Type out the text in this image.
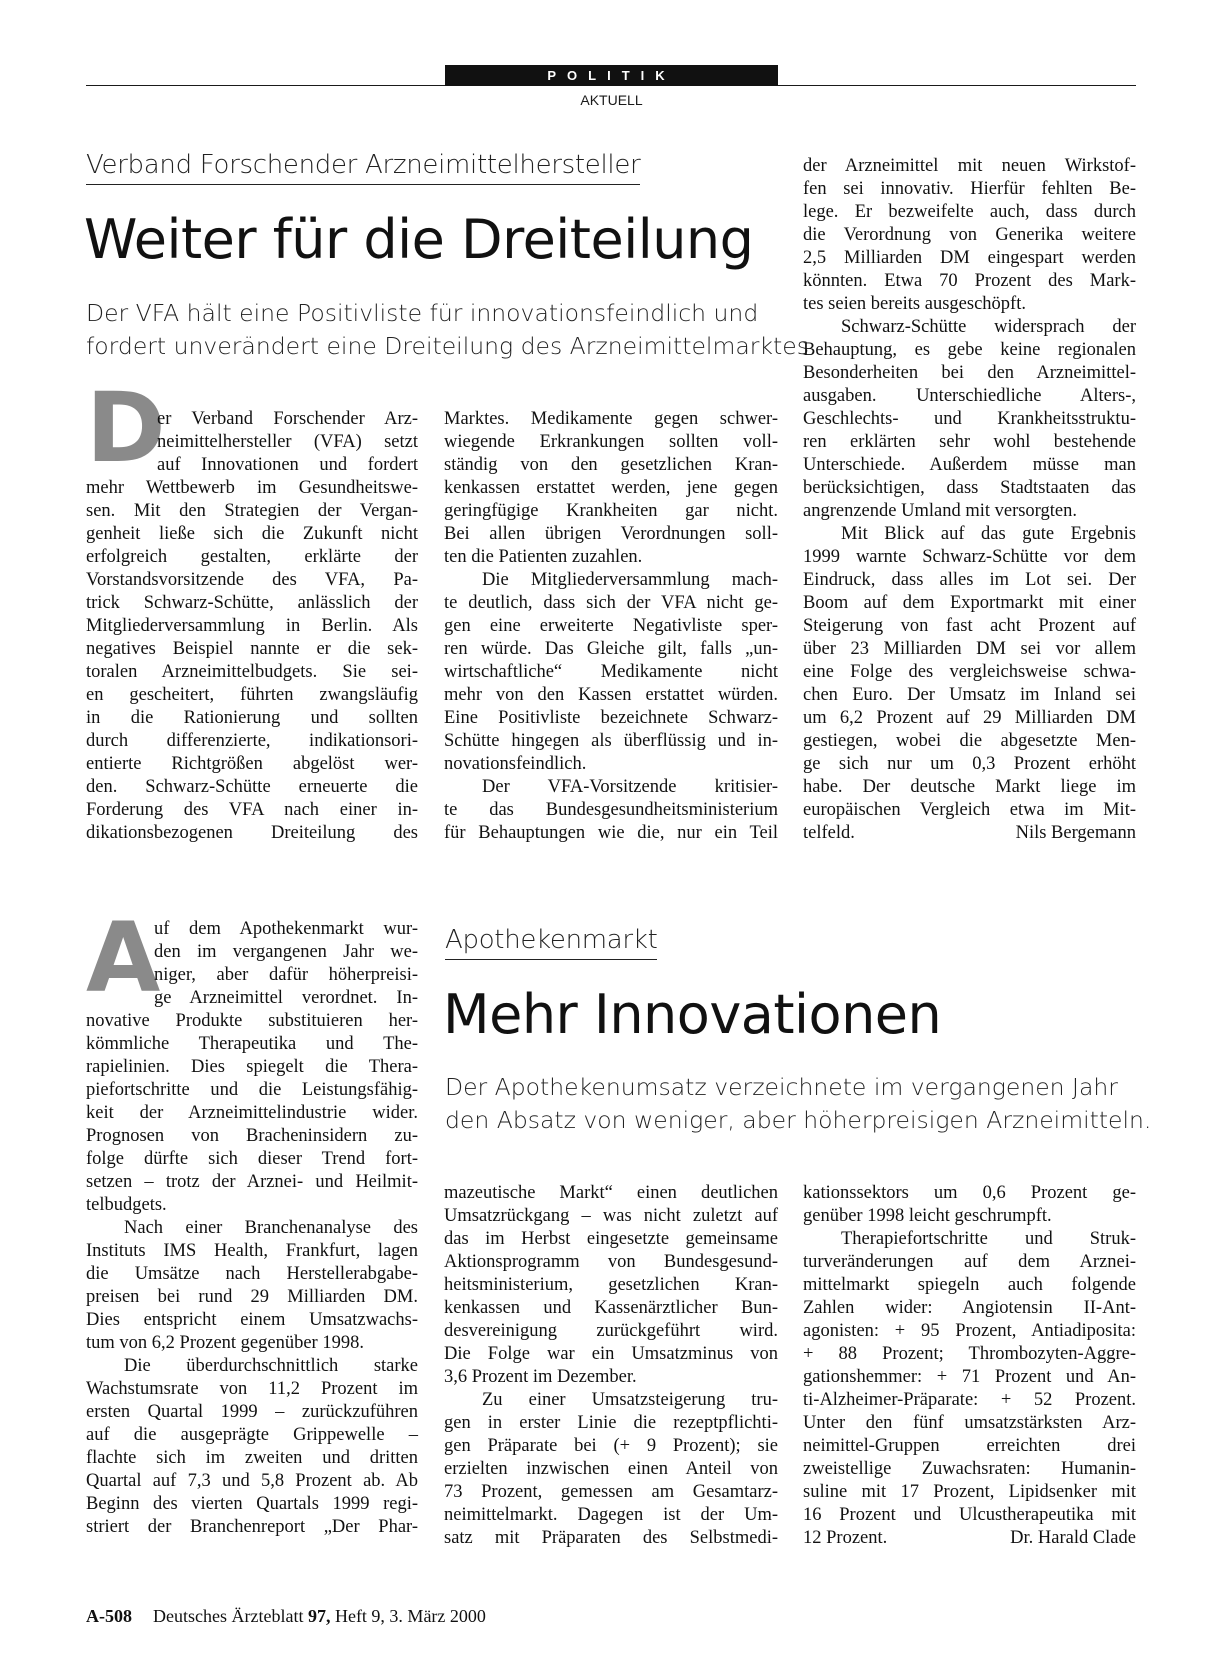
POLITIK
AKTUELL
Verband Forschender Arzneimittelhersteller
Weiter für die Dreiteilung
Der VFA hält eine Positivliste für innovationsfeindlich und
fordert unverändert eine Dreiteilung des Arzneimittelmarktes.
D
er Verband Forschender Arz-
neimittelhersteller (VFA) setzt
auf Innovationen und fordert
mehr Wettbewerb im Gesundheitswe-
sen. Mit den Strategien der Vergan-
genheit ließe sich die Zukunft nicht
erfolgreich gestalten, erklärte der
Vorstandsvorsitzende des VFA, Pa-
trick Schwarz-Schütte, anlässlich der
Mitgliederversammlung in Berlin. Als
negatives Beispiel nannte er die sek-
toralen Arzneimittelbudgets. Sie sei-
en gescheitert, führten zwangsläufig
in die Rationierung und sollten
durch differenzierte, indikationsori-
entierte Richtgrößen abgelöst wer-
den. Schwarz-Schütte erneuerte die
Forderung des VFA nach einer in-
dikationsbezogenen Dreiteilung des
Marktes. Medikamente gegen schwer-
wiegende Erkrankungen sollten voll-
ständig von den gesetzlichen Kran-
kenkassen erstattet werden, jene gegen
geringfügige Krankheiten gar nicht.
Bei allen übrigen Verordnungen soll-
ten die Patienten zuzahlen.
Die Mitgliederversammlung mach-
te deutlich, dass sich der VFA nicht ge-
gen eine erweiterte Negativliste sper-
ren würde. Das Gleiche gilt, falls „un-
wirtschaftliche“ Medikamente nicht
mehr von den Kassen erstattet würden.
Eine Positivliste bezeichnete Schwarz-
Schütte hingegen als überflüssig und in-
novationsfeindlich.
Der VFA-Vorsitzende kritisier-
te das Bundesgesundheitsministerium
für Behauptungen wie die, nur ein Teil
der Arzneimittel mit neuen Wirkstof-
fen sei innovativ. Hierfür fehlten Be-
lege. Er bezweifelte auch, dass durch
die Verordnung von Generika weitere
2,5 Milliarden DM eingespart werden
könnten. Etwa 70 Prozent des Mark-
tes seien bereits ausgeschöpft.
Schwarz-Schütte widersprach der
Behauptung, es gebe keine regionalen
Besonderheiten bei den Arzneimittel-
ausgaben. Unterschiedliche Alters-,
Geschlechts- und Krankheitsstruktu-
ren erklärten sehr wohl bestehende
Unterschiede. Außerdem müsse man
berücksichtigen, dass Stadtstaaten das
angrenzende Umland mit versorgten.
Mit Blick auf das gute Ergebnis
1999 warnte Schwarz-Schütte vor dem
Eindruck, dass alles im Lot sei. Der
Boom auf dem Exportmarkt mit einer
Steigerung von fast acht Prozent auf
über 23 Milliarden DM sei vor allem
eine Folge des vergleichsweise schwa-
chen Euro. Der Umsatz im Inland sei
um 6,2 Prozent auf 29 Milliarden DM
gestiegen, wobei die abgesetzte Men-
ge sich nur um 0,3 Prozent erhöht
habe. Der deutsche Markt liege im
europäischen Vergleich etwa im Mit-
telfeld.	Nils Bergemann
A
uf dem Apothekenmarkt wur-
den im vergangenen Jahr we-
niger, aber dafür höherpreisi-
ge Arzneimittel verordnet. In-
novative Produkte substituieren her-
kömmliche Therapeutika und The-
rapielinien. Dies spiegelt die Thera-
piefortschritte und die Leistungsfähig-
keit der Arzneimittelindustrie wider.
Prognosen von Bracheninsidern zu-
folge dürfte sich dieser Trend fort-
setzen – trotz der Arznei- und Heilmit-
telbudgets.
Nach einer Branchenanalyse des
Instituts IMS Health, Frankfurt, lagen
die Umsätze nach Herstellerabgabe-
preisen bei rund 29 Milliarden DM.
Dies entspricht einem Umsatzwachs-
tum von 6,2 Prozent gegenüber 1998.
Die überdurchschnittlich starke
Wachstumsrate von 11,2 Prozent im
ersten Quartal 1999 – zurückzuführen
auf die ausgeprägte Grippewelle –
flachte sich im zweiten und dritten
Quartal auf 7,3 und 5,8 Prozent ab. Ab
Beginn des vierten Quartals 1999 regi-
striert der Branchenreport „Der Phar-
Apothekenmarkt
Mehr Innovationen
Der Apothekenumsatz verzeichnete im vergangenen Jahr
den Absatz von weniger, aber höherpreisigen Arzneimitteln.
mazeutische Markt“ einen deutlichen
Umsatzrückgang – was nicht zuletzt auf
das im Herbst eingesetzte gemeinsame
Aktionsprogramm von Bundesgesund-
heitsministerium, gesetzlichen Kran-
kenkassen und Kassenärztlicher Bun-
desvereinigung zurückgeführt wird.
Die Folge war ein Umsatzminus von
3,6 Prozent im Dezember.
Zu einer Umsatzsteigerung tru-
gen in erster Linie die rezeptpflichti-
gen Präparate bei (+ 9 Prozent); sie
erzielten inzwischen einen Anteil von
73 Prozent, gemessen am Gesamtarz-
neimittelmarkt. Dagegen ist der Um-
satz mit Präparaten des Selbstmedi-
kationssektors um 0,6 Prozent ge-
genüber 1998 leicht geschrumpft.
Therapiefortschritte und Struk-
turveränderungen auf dem Arznei-
mittelmarkt spiegeln auch folgende
Zahlen wider: Angiotensin II-Ant-
agonisten: + 95 Prozent, Antiadiposita:
+ 88 Prozent; Thrombozyten-Aggre-
gationshemmer: + 71 Prozent und An-
ti-Alzheimer-Präparate: + 52 Prozent.
Unter den fünf umsatzstärksten Arz-
neimittel-Gruppen erreichten drei
zweistellige Zuwachsraten: Humanin-
suline mit 17 Prozent, Lipidsenker mit
16 Prozent und Ulcustherapeutika mit
12 Prozent.	Dr. Harald Clade
A-508 Deutsches Ärzteblatt 97, Heft 9, 3. März 2000
